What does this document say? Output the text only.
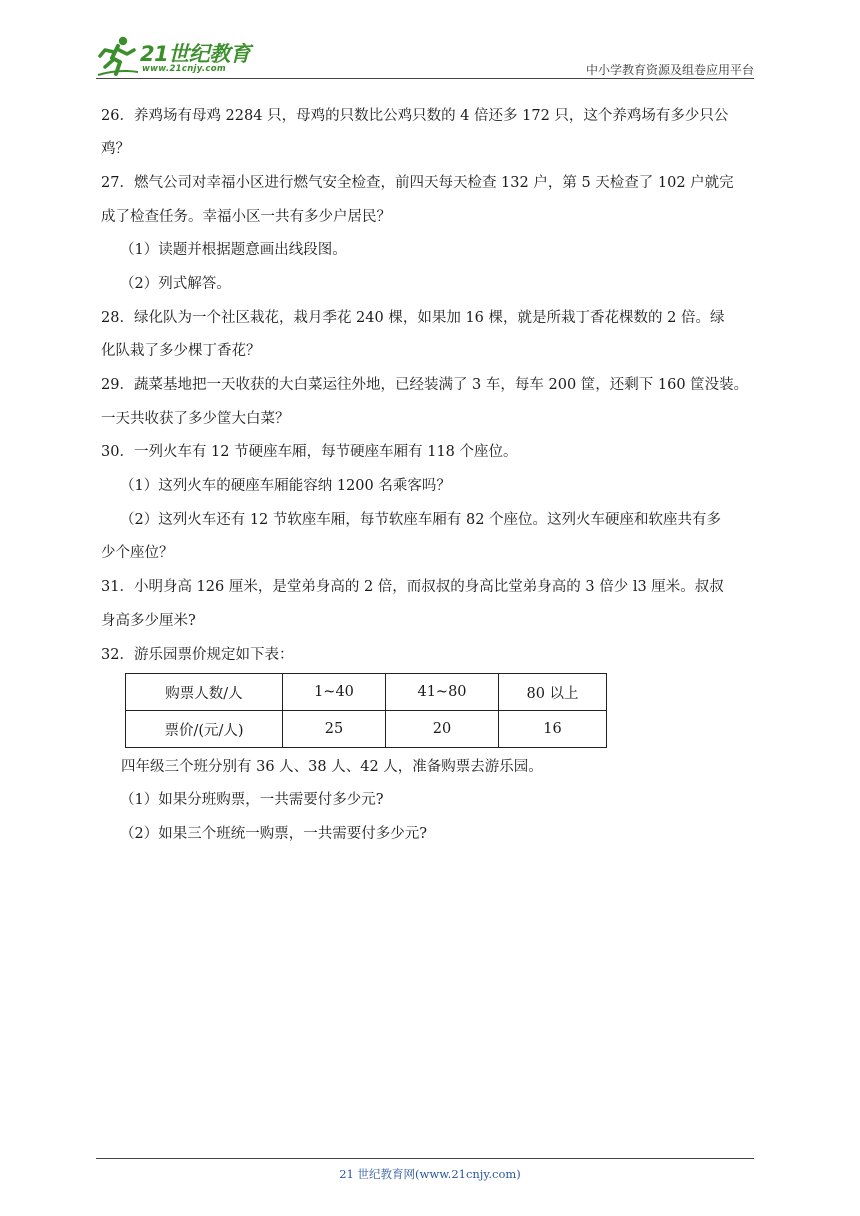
21世纪教育
www.21cnjy.com	中小学教育资源及组卷应用平台
26．养鸡场有母鸡 2284 只，母鸡的只数比公鸡只数的 4 倍还多 172 只，这个养鸡场有多少只公
鸡？
27．燃气公司对幸福小区进行燃气安全检查，前四天每天检查 132 户，第 5 天检查了 102 户就完
成了检查任务。幸福小区一共有多少户居民？
（1）读题并根据题意画出线段图。
（2）列式解答。
28．绿化队为一个社区栽花，栽月季花 240 棵，如果加 16 棵，就是所栽丁香花棵数的 2 倍。绿
化队栽了多少棵丁香花？
29．蔬菜基地把一天收获的大白菜运往外地，已经装满了 3 车，每车 200 筐，还剩下 160 筐没装。
一天共收获了多少筐大白菜？
30．一列火车有 12 节硬座车厢，每节硬座车厢有 118 个座位。
（1）这列火车的硬座车厢能容纳 1200 名乘客吗？
（2）这列火车还有 12 节软座车厢，每节软座车厢有 82 个座位。这列火车硬座和软座共有多
少个座位？
31．小明身高 126 厘米，是堂弟身高的 2 倍，而叔叔的身高比堂弟身高的 3 倍少 l3 厘米。叔叔
身高多少厘米?
32．游乐园票价规定如下表：
购票人数/人	1~40	41~80	80 以上
票价/(元/人)	25	20	16
四年级三个班分别有 36 人、38 人、42 人，准备购票去游乐园。
（1）如果分班购票，一共需要付多少元?
（2）如果三个班统一购票，一共需要付多少元?
21 世纪教育网(www.21cnjy.com)
